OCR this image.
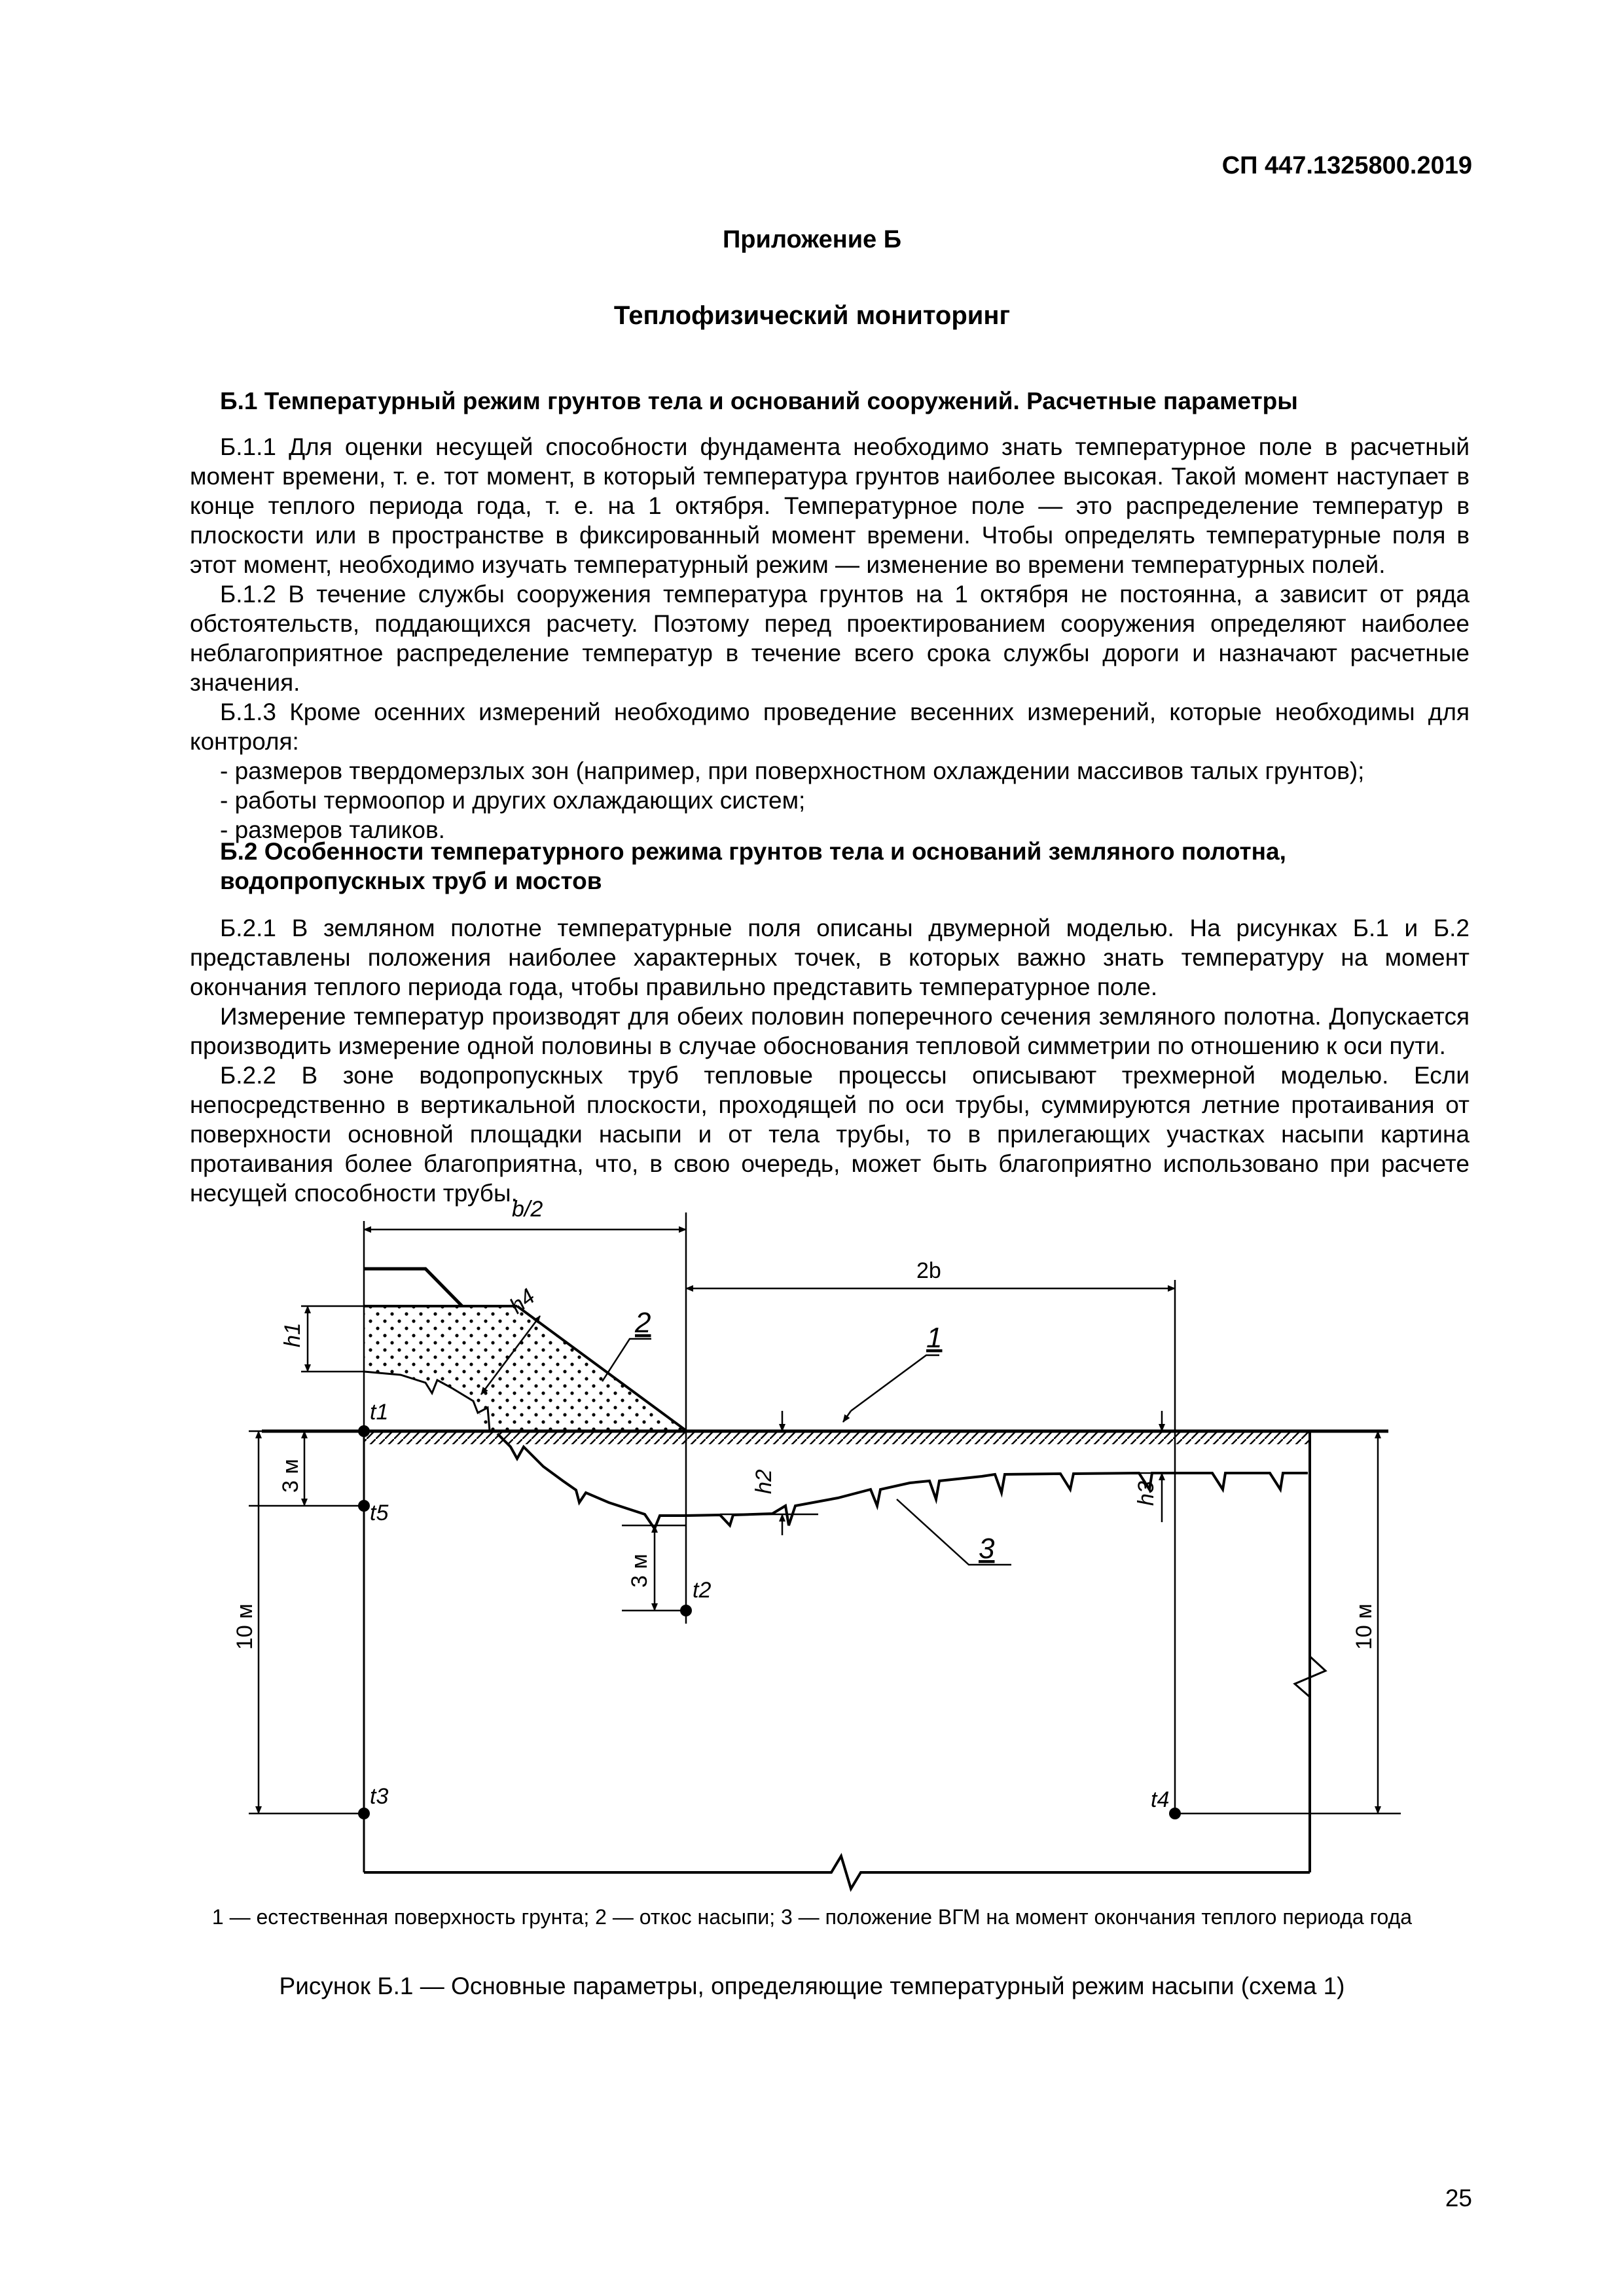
СП 447.1325800.2019
Приложение Б
Теплофизический мониторинг
Б.1 Температурный режим грунтов тела и оснований сооружений. Расчетные параметры

Б.1.1 Для оценки несущей способности фундамента необходимо знать температурное поле в расчетный момент времени, т. е. тот момент, в который температура грунтов наиболее высокая. Такой момент наступает в конце теплого периода года, т. е. на 1 октября. Температурное поле — это распределение температур в плоскости или в пространстве в фиксированный момент времени. Чтобы определять температурные поля в этот момент, необходимо изучать температурный режим — изменение во времени температурных полей.

Б.1.2 В течение службы сооружения температура грунтов на 1 октября не постоянна, а зависит от ряда обстоятельств, поддающихся расчету. Поэтому перед проектированием сооружения определяют наиболее неблагоприятное распределение температур в течение всего срока службы дороги и назначают расчетные значения.

Б.1.3 Кроме осенних измерений необходимо проведение весенних измерений, которые необходимы для контроля:

- размеров твердомерзлых зон (например, при поверхностном охлаждении массивов талых грунтов);

- работы термоопор и других охлаждающих систем;

- размеров таликов.

Б.2 Особенности температурного режима грунтов тела и оснований земляного полотна,
водопропускных труб и мостов

Б.2.1 В земляном полотне температурные поля описаны двумерной моделью. На рисунках Б.1 и Б.2 представлены положения наиболее характерных точек, в которых важно знать температуру на момент окончания теплого периода года, чтобы правильно представить температурное поле.

Измерение температур производят для обеих половин поперечного сечения земляного полотна. Допускается производить измерение одной половины в случае обоснования тепловой симметрии по отношению к оси пути.

Б.2.2 В зоне водопропускных труб тепловые процессы описывают трехмерной моделью. Если непосредственно в вертикальной плоскости, проходящей по оси трубы, суммируются летние протаивания от поверхности основной площадки насыпи и от тела трубы, то в прилегающих участках насыпи картина протаивания более благоприятна, что, в свою очередь, может быть благоприятно использовано при расчете несущей способности трубы.

b/2
2b
t1
t5
t2
t3	t4
1
2
3
h1
h2	h3
h4
3 м
3 м
10 м	10 м
1 — естественная поверхность грунта; 2 — откос насыпи; 3 — положение ВГМ на момент окончания теплого периода года
Рисунок Б.1 — Основные параметры, определяющие температурный режим насыпи (схема 1)
25
